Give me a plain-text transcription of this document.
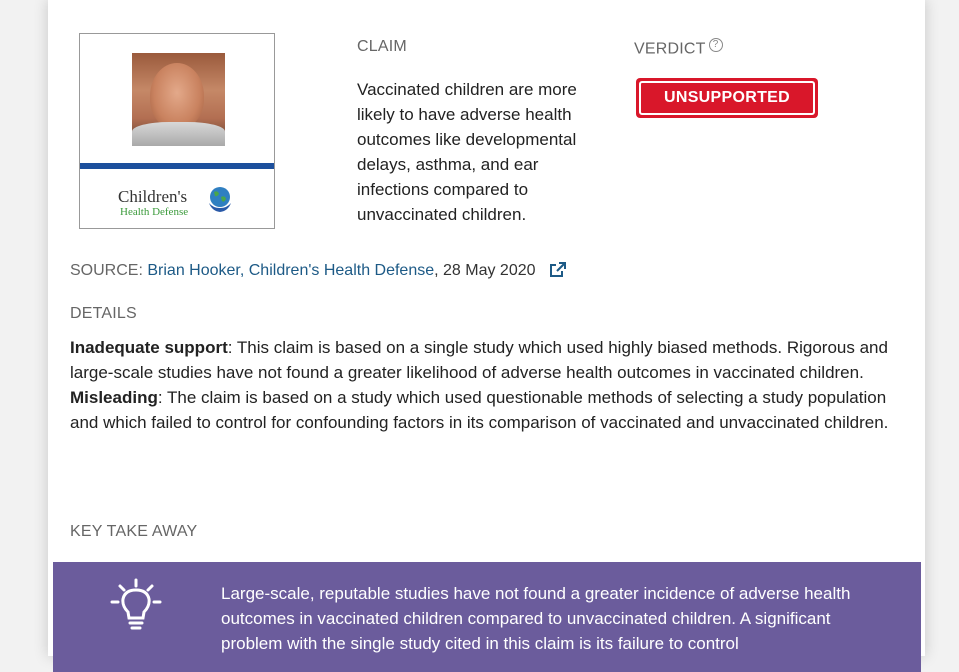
Children's
Health Defense
CLAIM
Vaccinated children are more likely to have adverse health outcomes like developmental delays, asthma, and ear infections compared to unvaccinated children.
VERDICT ?
UNSUPPORTED
SOURCE: Brian Hooker, Children's Health Defense, 28 May 2020
DETAILS

Inadequate support: This claim is based on a single study which used highly biased methods. Rigorous and large-scale studies have not found a greater likelihood of adverse health outcomes in vaccinated children.

Misleading: The claim is based on a study which used questionable methods of selecting a study population and which failed to control for confounding factors in its comparison of vaccinated and unvaccinated children.

KEY TAKE AWAY
Large-scale, reputable studies have not found a greater incidence of adverse health outcomes in vaccinated children compared to unvaccinated children. A significant problem with the single study cited in this claim is its failure to control
